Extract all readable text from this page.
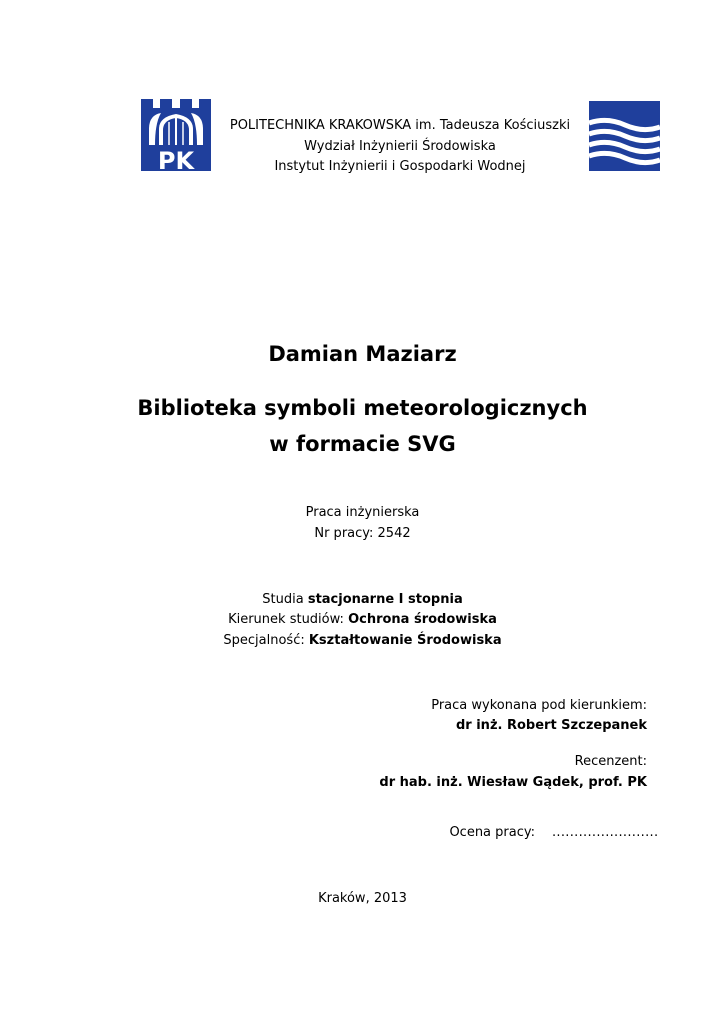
PK
POLITECHNIKA KRAKOWSKA im. Tadeusza Kościuszki
Wydział Inżynierii Środowiska
Instytut Inżynierii i Gospodarki Wodnej
Damian Maziarz
Biblioteka symboli meteorologicznych
w formacie SVG
Praca inżynierska
Nr pracy: 2542
Studia stacjonarne I stopnia
Kierunek studiów: Ochrona środowiska
Specjalność: Kształtowanie Środowiska
Praca wykonana pod kierunkiem:
dr inż. Robert Szczepanek
Recenzent:
dr hab. inż. Wiesław Gądek, prof. PK
Ocena pracy: ........................
Kraków, 2013
